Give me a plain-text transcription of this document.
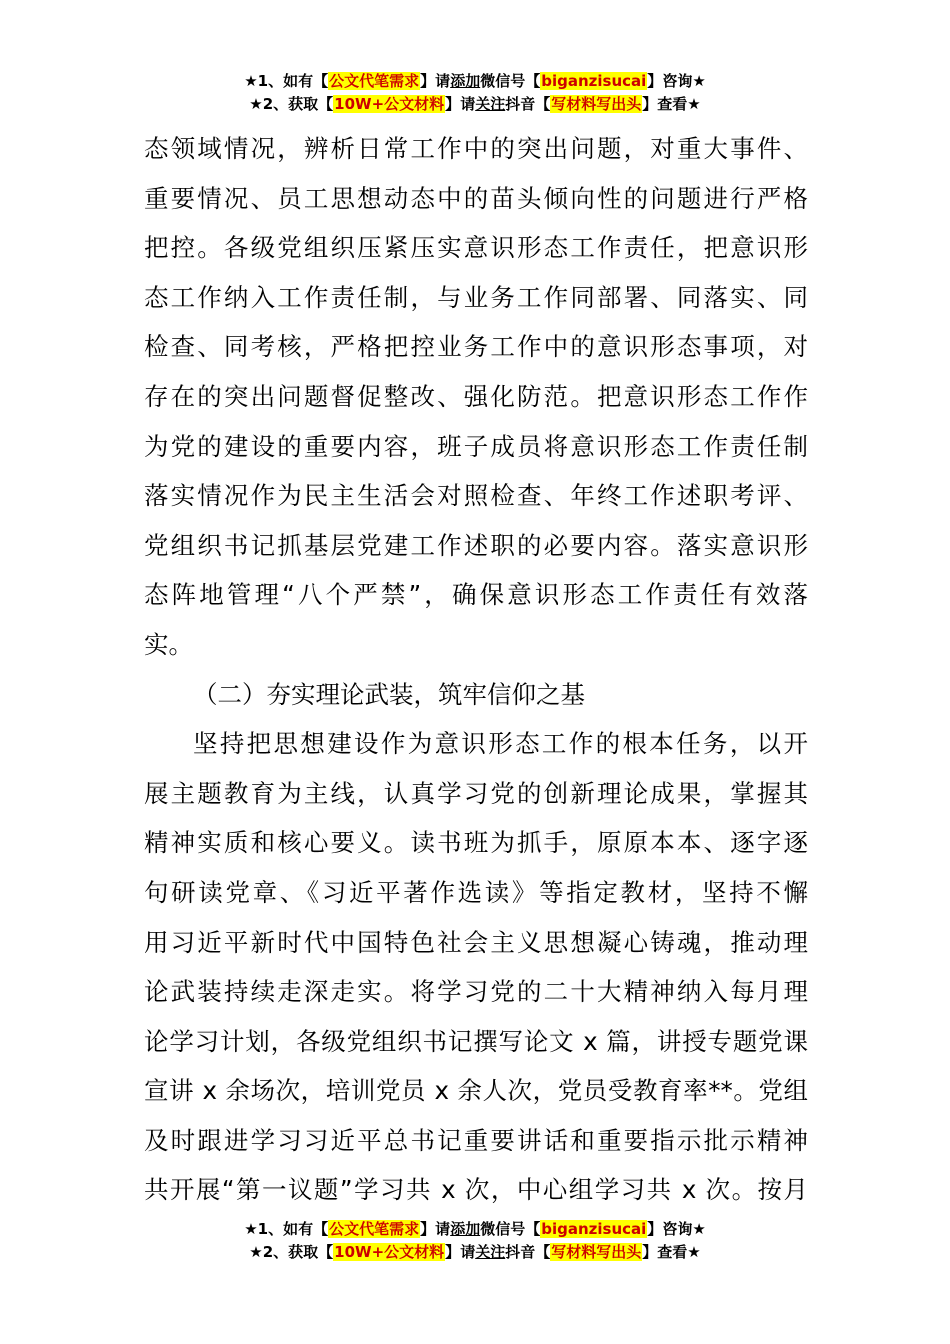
★1、如有【公文代笔需求】请添加微信号【biganzisucai】咨询★
★2、获取【10W+公文材料】请关注抖音【写材料写出头】查看★
态领域情况，辨析日常工作中的突出问题，对重大事件、
重要情况、员工思想动态中的苗头倾向性的问题进行严格
把控。各级党组织压紧压实意识形态工作责任，把意识形
态工作纳入工作责任制，与业务工作同部署、同落实、同
检查、同考核，严格把控业务工作中的意识形态事项，对
存在的突出问题督促整改、强化防范。把意识形态工作作
为党的建设的重要内容，班子成员将意识形态工作责任制
落实情况作为民主生活会对照检查、年终工作述职考评、
党组织书记抓基层党建工作述职的必要内容。落实意识形
态阵地管理“八个严禁”，确保意识形态工作责任有效落
实。
（二）夯实理论武装，筑牢信仰之基
坚持把思想建设作为意识形态工作的根本任务，以开
展主题教育为主线，认真学习党的创新理论成果，掌握其
精神实质和核心要义。读书班为抓手，原原本本、逐字逐
句研读党章、《习近平著作选读》等指定教材，坚持不懈
用习近平新时代中国特色社会主义思想凝心铸魂，推动理
论武装持续走深走实。将学习党的二十大精神纳入每月理
论学习计划，各级党组织书记撰写论文 x 篇，讲授专题党课
宣讲 x 余场次，培训党员 x 余人次，党员受教育率**。党组
及时跟进学习习近平总书记重要讲话和重要指示批示精神
共开展“第一议题”学习共 x 次，中心组学习共 x 次。按月
★1、如有【公文代笔需求】请添加微信号【biganzisucai】咨询★
★2、获取【10W+公文材料】请关注抖音【写材料写出头】查看★
